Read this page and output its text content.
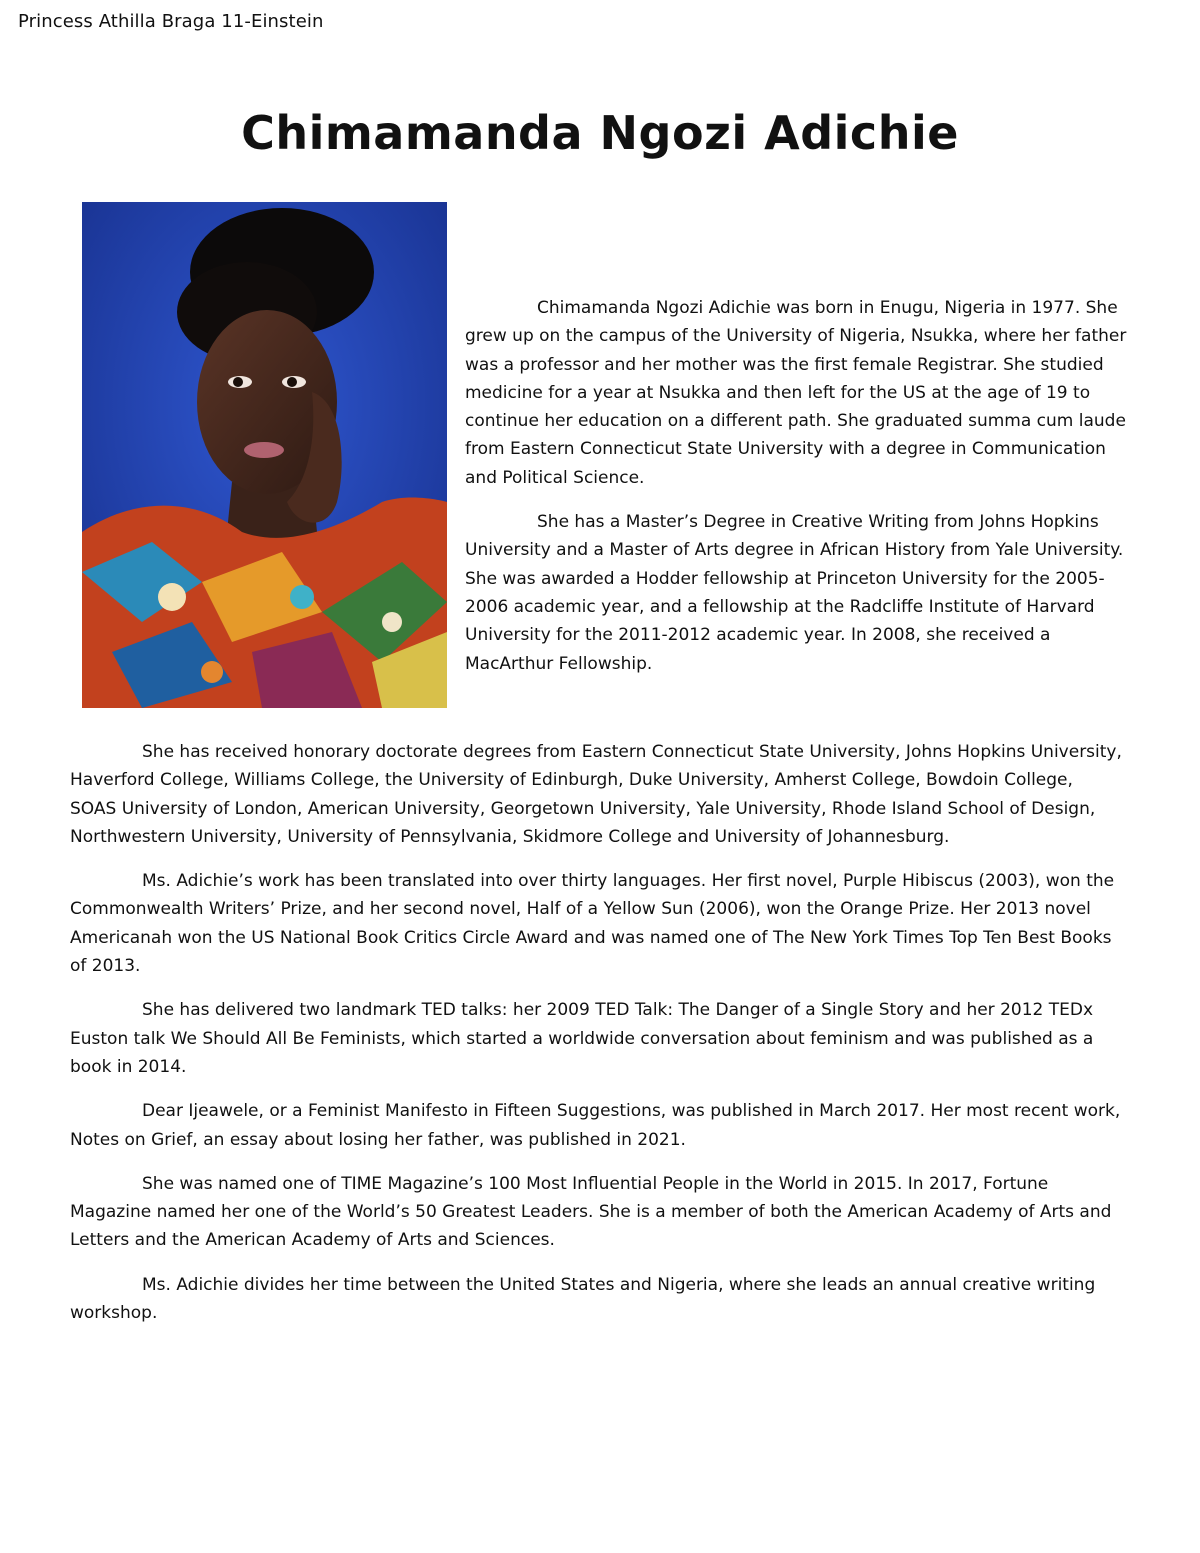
Princess Athilla Braga 11-Einstein
Chimamanda Ngozi Adichie

Chimamanda Ngozi Adichie was born in Enugu, Nigeria in 1977. She grew up on the campus of the University of Nigeria, Nsukka, where her father was a professor and her mother was the first female Registrar. She studied medicine for a year at Nsukka and then left for the US at the age of 19 to continue her education on a different path. She graduated summa cum laude from Eastern Connecticut State University with a degree in Communication and Political Science.

She has a Master’s Degree in Creative Writing from Johns Hopkins University and a Master of Arts degree in African History from Yale University. She was awarded a Hodder fellowship at Princeton University for the 2005-2006 academic year, and a fellowship at the Radcliffe Institute of Harvard University for the 2011-2012 academic year. In 2008, she received a MacArthur Fellowship.

She has received honorary doctorate degrees from Eastern Connecticut State University, Johns Hopkins University, Haverford College, Williams College, the University of Edinburgh, Duke University, Amherst College, Bowdoin College, SOAS University of London, American University, Georgetown University, Yale University, Rhode Island School of Design, Northwestern University, University of Pennsylvania, Skidmore College and University of Johannesburg.

Ms. Adichie’s work has been translated into over thirty languages. Her first novel, Purple Hibiscus (2003), won the Commonwealth Writers’ Prize, and her second novel, Half of a Yellow Sun (2006), won the Orange Prize. Her 2013 novel Americanah won the US National Book Critics Circle Award and was named one of The New York Times Top Ten Best Books of 2013.

She has delivered two landmark TED talks: her 2009 TED Talk: The Danger of a Single Story and her 2012 TEDx Euston talk We Should All Be Feminists, which started a worldwide conversation about feminism and was published as a book in 2014.

Dear Ijeawele, or a Feminist Manifesto in Fifteen Suggestions, was published in March 2017. Her most recent work, Notes on Grief, an essay about losing her father, was published in 2021.

She was named one of TIME Magazine’s 100 Most Influential People in the World in 2015. In 2017, Fortune Magazine named her one of the World’s 50 Greatest Leaders. She is a member of both the American Academy of Arts and Letters and the American Academy of Arts and Sciences.

Ms. Adichie divides her time between the United States and Nigeria, where she leads an annual creative writing workshop.
